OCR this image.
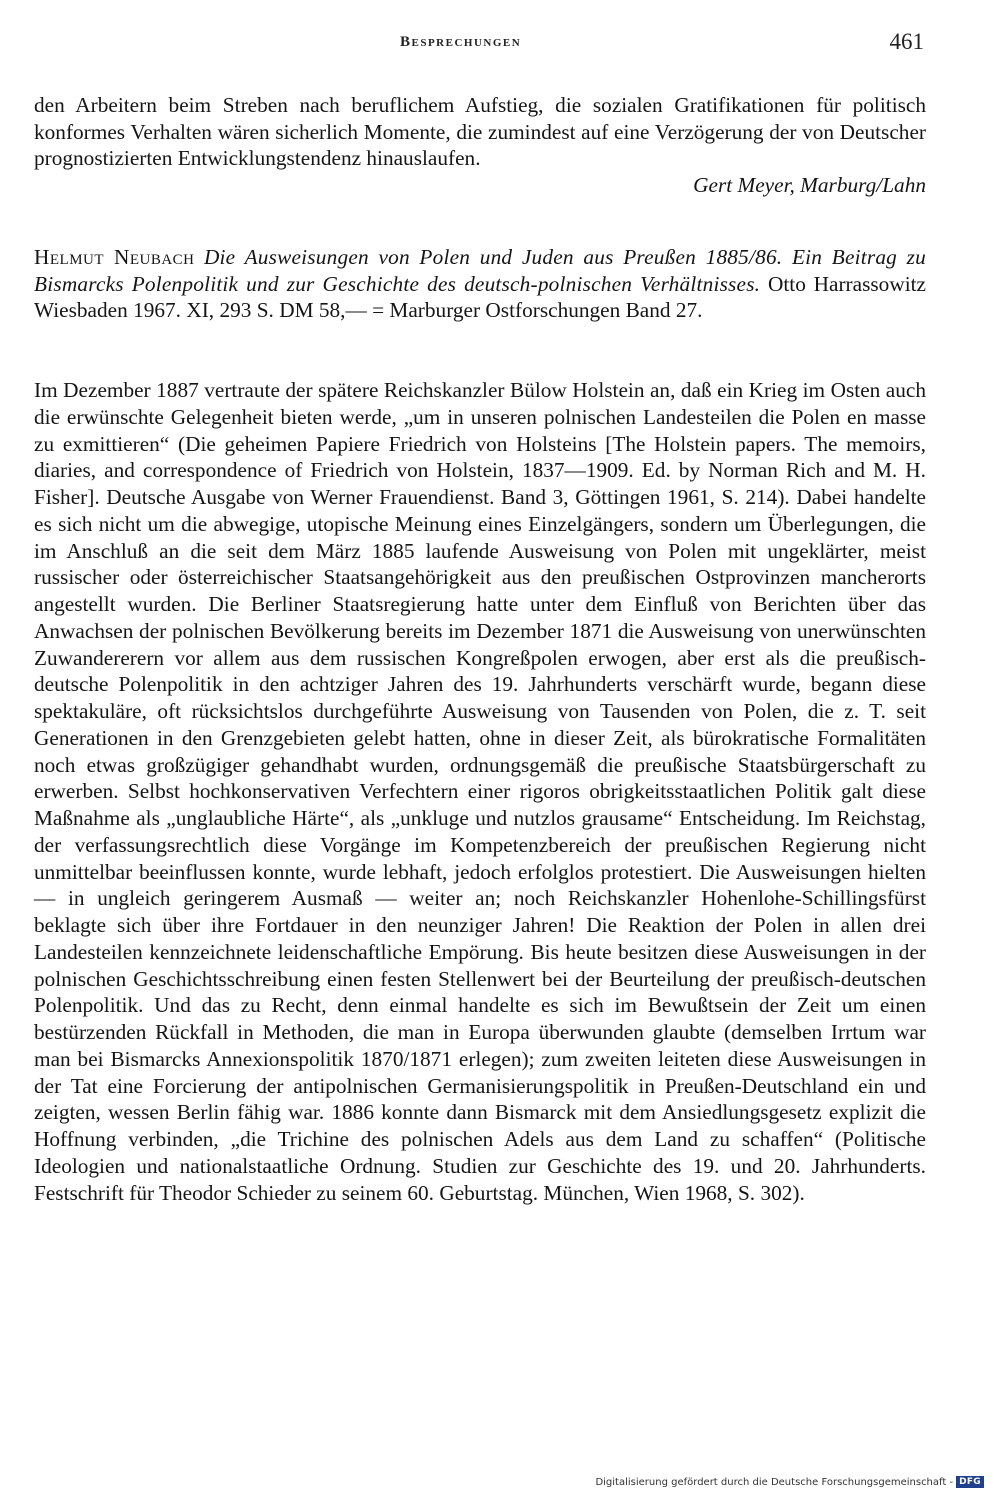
Besprechungen	461

den Arbeitern beim Streben nach beruflichem Aufstieg, die sozialen Gratifikationen für politisch konformes Verhalten wären sicherlich Momente, die zumindest auf eine Verzögerung der von Deutscher prognostizierten Entwicklungstendenz hinauslaufen.

Gert Meyer, Marburg/Lahn

Helmut Neubach Die Ausweisungen von Polen und Juden aus Preußen 1885/86. Ein Beitrag zu Bismarcks Polenpolitik und zur Geschichte des deutsch-polnischen Verhältnisses. Otto Harrassowitz Wiesbaden 1967. XI, 293 S. DM 58,— = Marburger Ostforschungen Band 27.

Im Dezember 1887 vertraute der spätere Reichskanzler Bülow Holstein an, daß ein Krieg im Osten auch die erwünschte Gelegenheit bieten werde, „um in unseren polnischen Landesteilen die Polen en masse zu exmittieren“ (Die geheimen Papiere Friedrich von Holsteins [The Holstein papers. The memoirs, diaries, and correspondence of Friedrich von Holstein, 1837—1909. Ed. by Norman Rich and M. H. Fisher]. Deutsche Ausgabe von Werner Frauendienst. Band 3, Göttingen 1961, S. 214). Dabei handelte es sich nicht um die abwegige, utopische Meinung eines Einzelgängers, sondern um Überlegungen, die im Anschluß an die seit dem März 1885 laufende Ausweisung von Polen mit ungeklärter, meist russischer oder österreichischer Staatsangehörigkeit aus den preußischen Ostprovinzen mancherorts angestellt wurden. Die Berliner Staatsregierung hatte unter dem Einfluß von Berichten über das Anwachsen der polnischen Bevölkerung bereits im Dezember 1871 die Ausweisung von unerwünschten Zuwandererern vor allem aus dem russischen Kongreßpolen erwogen, aber erst als die preußisch-deutsche Polenpolitik in den achtziger Jahren des 19. Jahrhunderts verschärft wurde, begann diese spektakuläre, oft rücksichtslos durchgeführte Ausweisung von Tausenden von Polen, die z. T. seit Generationen in den Grenzgebieten gelebt hatten, ohne in dieser Zeit, als bürokratische Formalitäten noch etwas großzügiger gehandhabt wurden, ordnungsgemäß die preußische Staatsbürgerschaft zu erwerben. Selbst hochkonservativen Verfechtern einer rigoros obrigkeitsstaatlichen Politik galt diese Maßnahme als „unglaubliche Härte“, als „unkluge und nutzlos grausame“ Entscheidung. Im Reichstag, der verfassungsrechtlich diese Vorgänge im Kompetenzbereich der preußischen Regierung nicht unmittelbar beeinflussen konnte, wurde lebhaft, jedoch erfolglos protestiert. Die Ausweisungen hielten — in ungleich geringerem Ausmaß — weiter an; noch Reichskanzler Hohenlohe-Schillingsfürst beklagte sich über ihre Fortdauer in den neunziger Jahren! Die Reaktion der Polen in allen drei Landesteilen kennzeichnete leidenschaftliche Empörung. Bis heute besitzen diese Ausweisungen in der polnischen Geschichtsschreibung einen festen Stellenwert bei der Beurteilung der preußisch-deutschen Polenpolitik. Und das zu Recht, denn einmal handelte es sich im Bewußtsein der Zeit um einen bestürzenden Rückfall in Methoden, die man in Europa überwunden glaubte (demselben Irrtum war man bei Bismarcks Annexionspolitik 1870/1871 erlegen); zum zweiten leiteten diese Ausweisungen in der Tat eine Forcierung der antipolnischen Germanisierungspolitik in Preußen-Deutschland ein und zeigten, wessen Berlin fähig war. 1886 konnte dann Bismarck mit dem Ansiedlungsgesetz explizit die Hoffnung verbinden, „die Trichine des polnischen Adels aus dem Land zu schaffen“ (Politische Ideologien und nationalstaatliche Ordnung. Studien zur Geschichte des 19. und 20. Jahrhunderts. Festschrift für Theodor Schieder zu seinem 60. Geburtstag. München, Wien 1968, S. 302).

Digitalisierung gefördert durch die Deutsche Forschungsgemeinschaft - DFG
